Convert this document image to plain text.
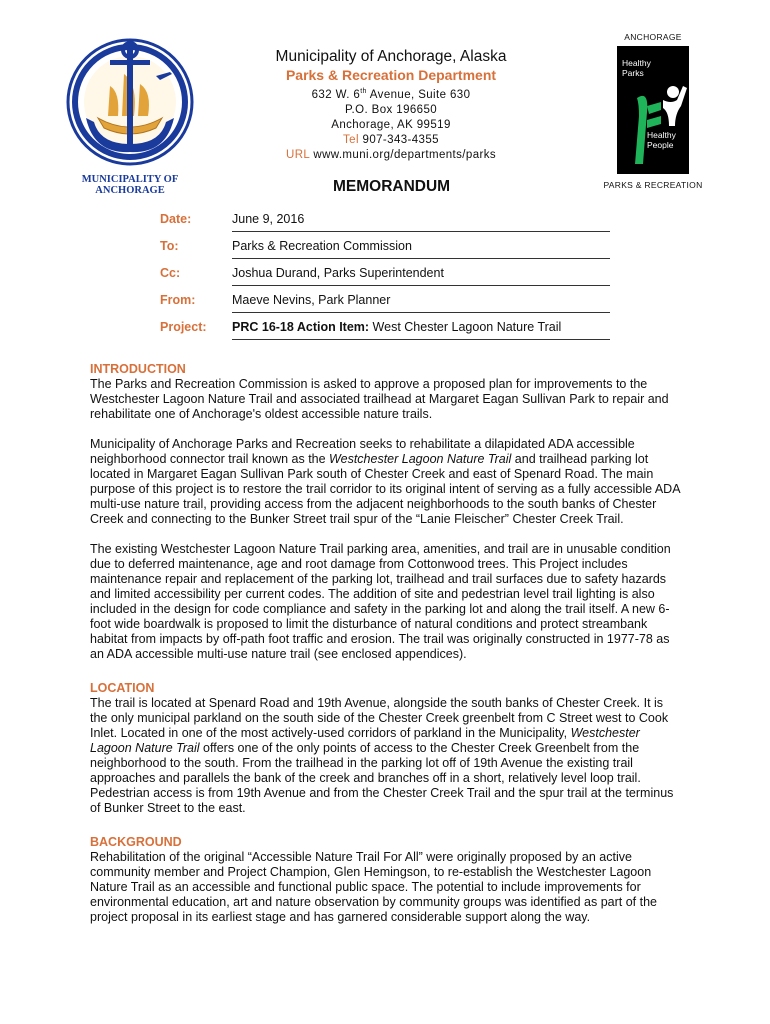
MUNICIPALITY OF
ANCHORAGE
ANCHORAGE
Healthy
Parks
Healthy
People
PARKS & RECREATION
Municipality of Anchorage, Alaska
Parks & Recreation Department
632 W. 6th Avenue, Suite 630
P.O. Box 196650
Anchorage, AK 99519
Tel 907-343-4355
URL www.muni.org/departments/parks
MEMORANDUM
Date:	June 9, 2016
To:	Parks & Recreation Commission
Cc:	Joshua Durand, Parks Superintendent
From:	Maeve Nevins, Park Planner
Project: PRC 16-18 Action Item: West Chester Lagoon Nature Trail
INTRODUCTION

The Parks and Recreation Commission is asked to approve a proposed plan for improvements to the Westchester Lagoon Nature Trail and associated trailhead at Margaret Eagan Sullivan Park to repair and rehabilitate one of Anchorage's oldest accessible nature trails.

Municipality of Anchorage Parks and Recreation seeks to rehabilitate a dilapidated ADA accessible neighborhood connector trail known as the Westchester Lagoon Nature Trail and trailhead parking lot located in Margaret Eagan Sullivan Park south of Chester Creek and east of Spenard Road. The main purpose of this project is to restore the trail corridor to its original intent of serving as a fully accessible ADA multi-use nature trail, providing access from the adjacent neighborhoods to the south banks of Chester Creek and connecting to the Bunker Street trail spur of the “Lanie Fleischer” Chester Creek Trail.

The existing Westchester Lagoon Nature Trail parking area, amenities, and trail are in unusable condition due to deferred maintenance, age and root damage from Cottonwood trees. This Project includes maintenance repair and replacement of the parking lot, trailhead and trail surfaces due to safety hazards and limited accessibility per current codes. The addition of site and pedestrian level trail lighting is also included in the design for code compliance and safety in the parking lot and along the trail itself. A new 6-foot wide boardwalk is proposed to limit the disturbance of natural conditions and protect streambank habitat from impacts by off-path foot traffic and erosion. The trail was originally constructed in 1977-78 as an ADA accessible multi-use nature trail (see enclosed appendices).

LOCATION

The trail is located at Spenard Road and 19th Avenue, alongside the south banks of Chester Creek. It is the only municipal parkland on the south side of the Chester Creek greenbelt from C Street west to Cook Inlet. Located in one of the most actively-used corridors of parkland in the Municipality, Westchester Lagoon Nature Trail offers one of the only points of access to the Chester Creek Greenbelt from the neighborhood to the south. From the trailhead in the parking lot off of 19th Avenue the existing trail approaches and parallels the bank of the creek and branches off in a short, relatively level loop trail. Pedestrian access is from 19th Avenue and from the Chester Creek Trail and the spur trail at the terminus of Bunker Street to the east.

BACKGROUND

Rehabilitation of the original “Accessible Nature Trail For All” were originally proposed by an active community member and Project Champion, Glen Hemingson, to re-establish the Westchester Lagoon Nature Trail as an accessible and functional public space. The potential to include improvements for environmental education, art and nature observation by community groups was identified as part of the project proposal in its earliest stage and has garnered considerable support along the way.
